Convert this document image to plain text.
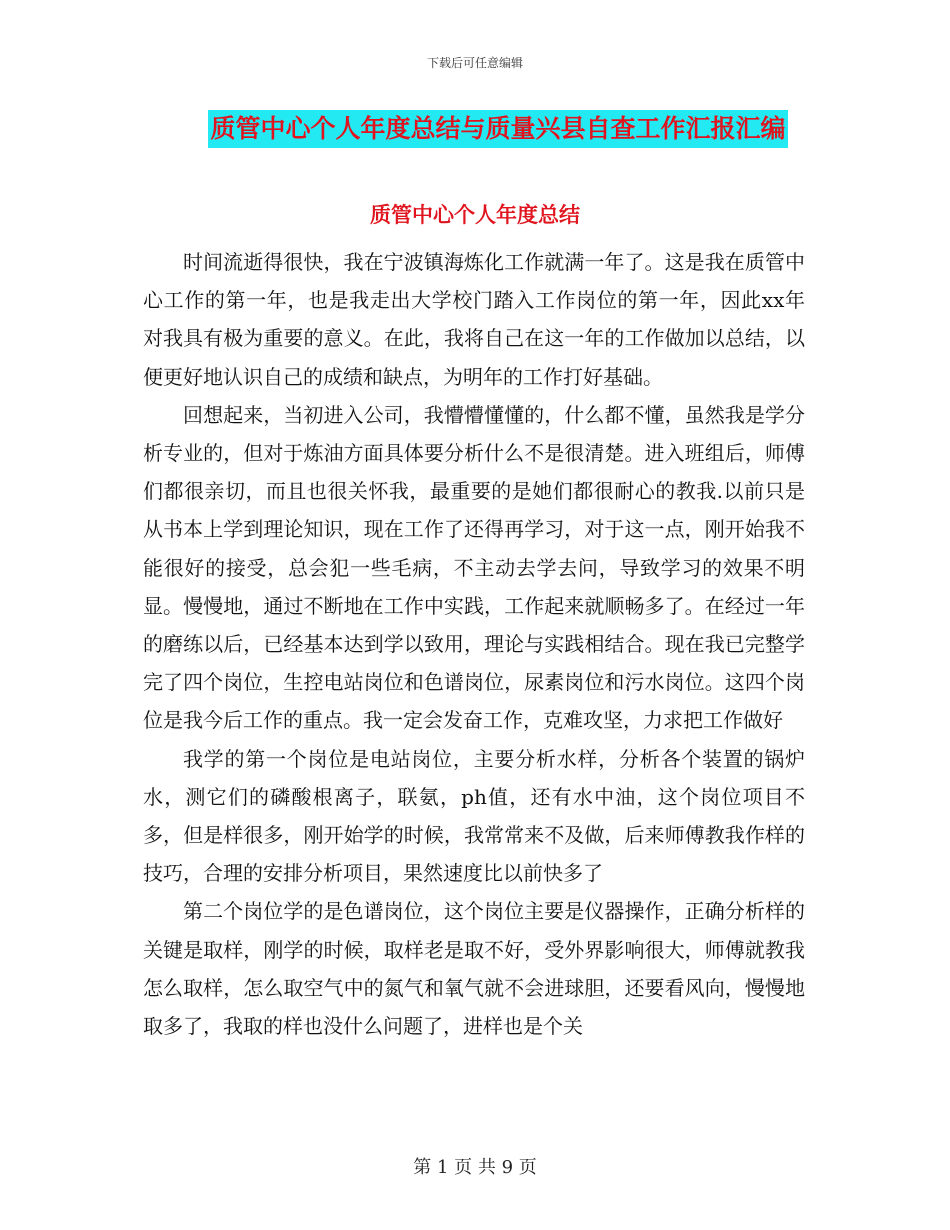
下载后可任意编辑
质管中心个人年度总结与质量兴县自查工作汇报汇编
质管中心个人年度总结

时间流逝得很快，我在宁波镇海炼化工作就满一年了。这是我在质管中心工作的第一年，也是我走出大学校门踏入工作岗位的第一年，因此xx年对我具有极为重要的意义。在此，我将自己在这一年的工作做加以总结，以便更好地认识自己的成绩和缺点，为明年的工作打好基础。

回想起来，当初进入公司，我懵懵懂懂的，什么都不懂，虽然我是学分析专业的，但对于炼油方面具体要分析什么不是很清楚。进入班组后，师傅们都很亲切，而且也很关怀我，最重要的是她们都很耐心的教我.以前只是从书本上学到理论知识，现在工作了还得再学习，对于这一点，刚开始我不能很好的接受，总会犯一些毛病，不主动去学去问，导致学习的效果不明显。慢慢地，通过不断地在工作中实践，工作起来就顺畅多了。在经过一年的磨练以后，已经基本达到学以致用，理论与实践相结合。现在我已完整学完了四个岗位，生控电站岗位和色谱岗位，尿素岗位和污水岗位。这四个岗位是我今后工作的重点。我一定会发奋工作，克难攻坚，力求把工作做好

我学的第一个岗位是电站岗位，主要分析水样，分析各个装置的锅炉水，测它们的磷酸根离子，联氨，ph值，还有水中油，这个岗位项目不多，但是样很多，刚开始学的时候，我常常来不及做，后来师傅教我作样的技巧，合理的安排分析项目，果然速度比以前快多了

第二个岗位学的是色谱岗位，这个岗位主要是仪器操作，正确分析样的关键是取样，刚学的时候，取样老是取不好，受外界影响很大，师傅就教我怎么取样，怎么取空气中的氮气和氧气就不会进球胆，还要看风向，慢慢地取多了，我取的样也没什么问题了，进样也是个关

第 1 页 共 9 页
